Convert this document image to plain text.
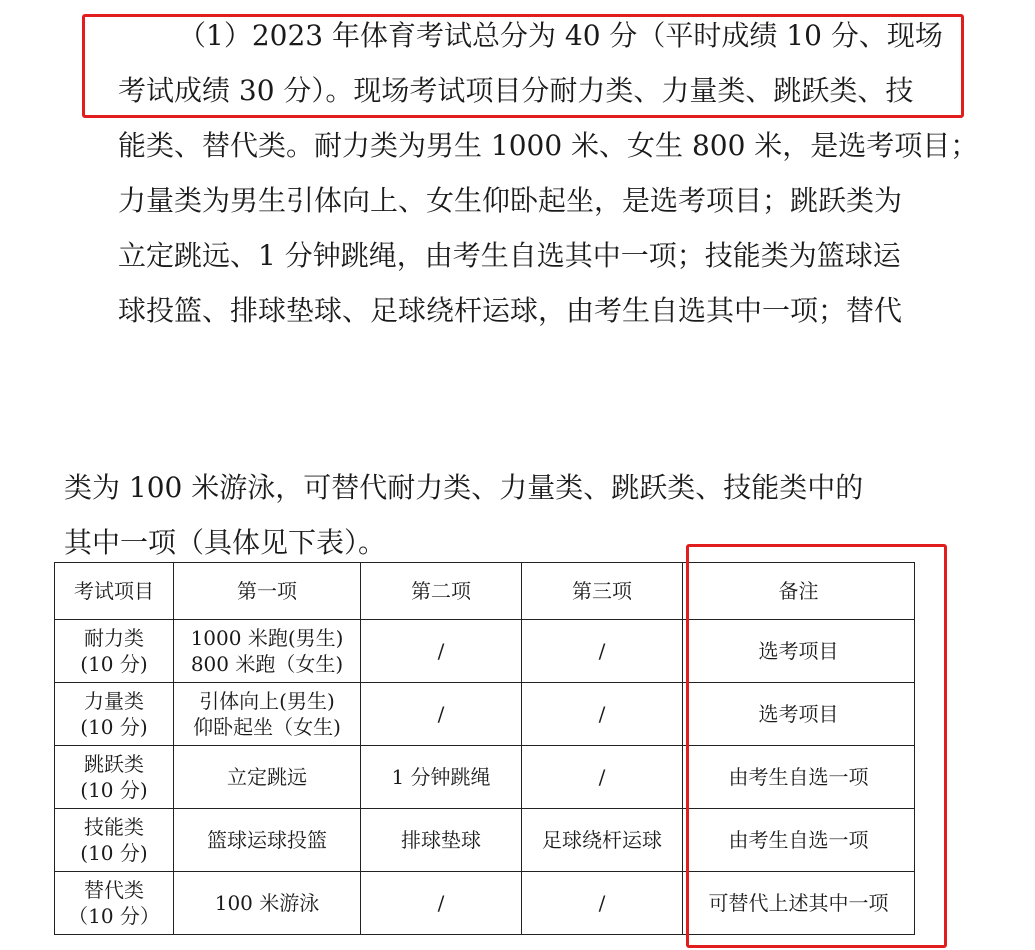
（1）2023 年体育考试总分为 40 分（平时成绩 10 分、现场
考试成绩 30 分）。现场考试项目分耐力类、力量类、跳跃类、技
能类、替代类。耐力类为男生 1000 米、女生 800 米，是选考项目；
力量类为男生引体向上、女生仰卧起坐，是选考项目；跳跃类为
立定跳远、1 分钟跳绳，由考生自选其中一项；技能类为篮球运
球投篮、排球垫球、足球绕杆运球，由考生自选其中一项；替代
类为 100 米游泳，可替代耐力类、力量类、跳跃类、技能类中的
其中一项（具体见下表）。
考试项目	第一项	第二项	第三项	备注

耐力类
(10 分)	1000 米跑(男生)
800 米跑（女生)	/	/	选考项目

力量类
(10 分)	引体向上(男生)
仰卧起坐（女生)	/	/	选考项目

跳跃类
(10 分)	立定跳远	1 分钟跳绳	/	由考生自选一项

技能类
(10 分)	篮球运球投篮	排球垫球	足球绕杆运球	由考生自选一项

替代类
（10 分）	100 米游泳	/	/	可替代上述其中一项
